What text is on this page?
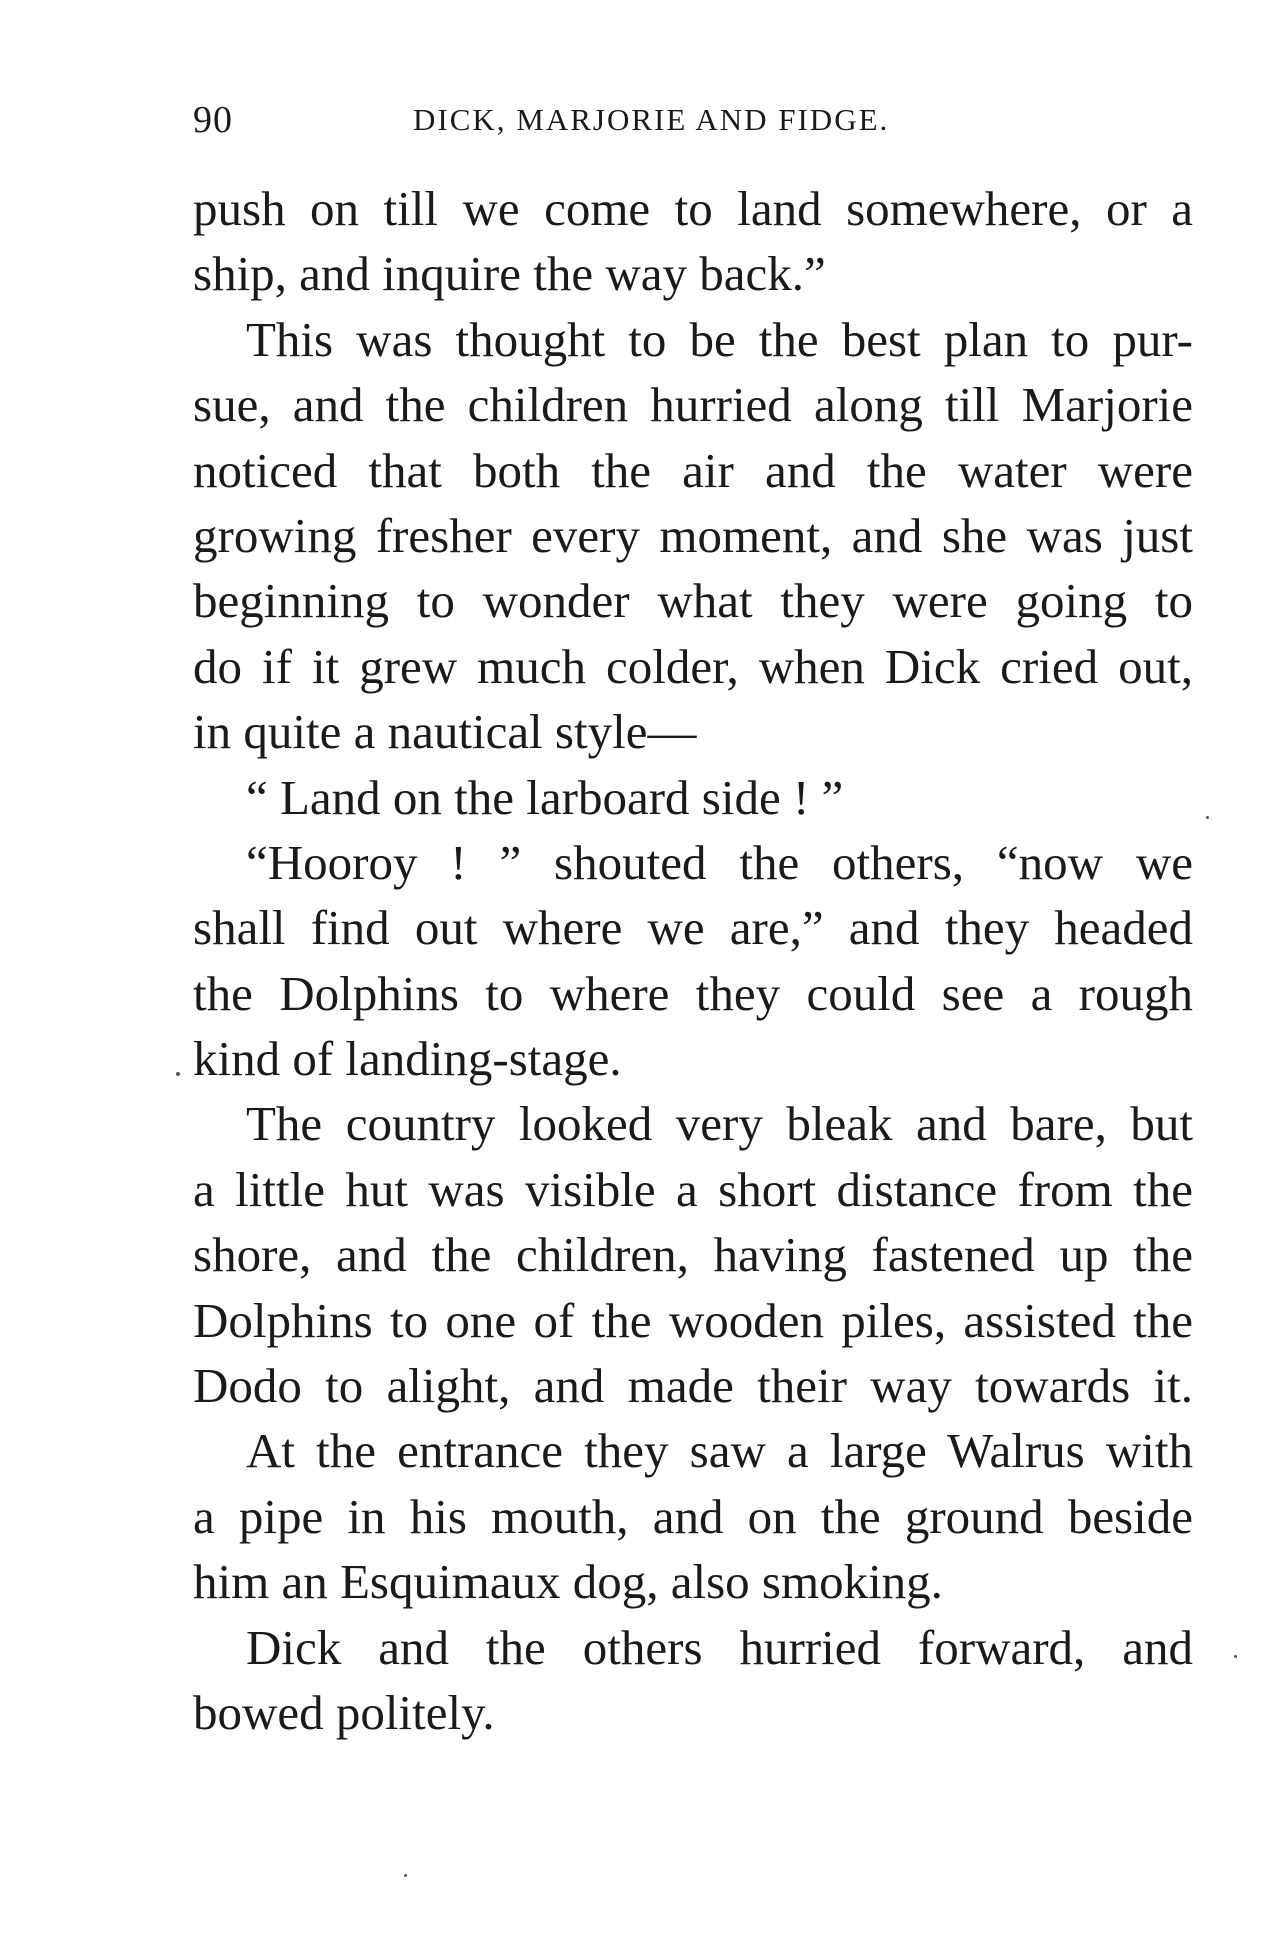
90	DICK, MARJORIE AND FIDGE.
push on till we come to land somewhere, or a
ship, and inquire the way back.”
This was thought to be the best plan to pur-
sue, and the children hurried along till Marjorie
noticed that both the air and the water were
growing fresher every moment, and she was just
beginning to wonder what they were going to
do if it grew much colder, when Dick cried out,
in quite a nautical style—
“ Land on the larboard side ! ”
“Hooroy ! ” shouted the others, “now we
shall find out where we are,” and they headed
the Dolphins to where they could see a rough
kind of landing-stage.
The country looked very bleak and bare, but
a little hut was visible a short distance from the
shore, and the children, having fastened up the
Dolphins to one of the wooden piles, assisted the
Dodo to alight, and made their way towards it.
At the entrance they saw a large Walrus with
a pipe in his mouth, and on the ground beside
him an Esquimaux dog, also smoking.
Dick and the others hurried forward, and
bowed politely.
